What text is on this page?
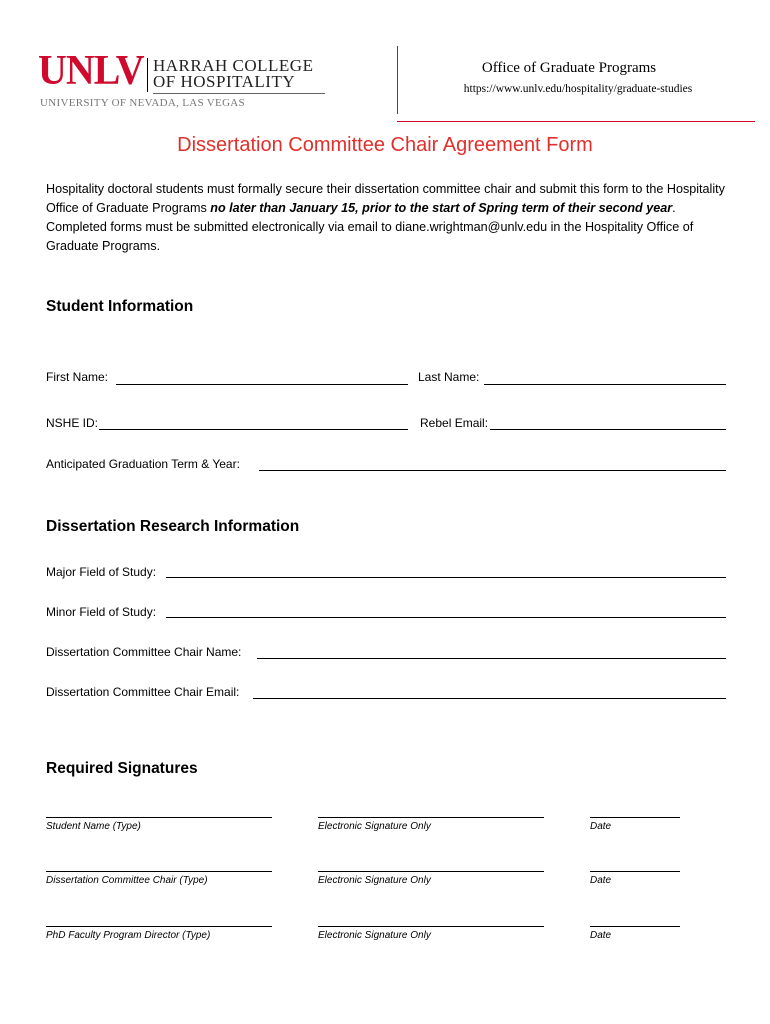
UNLV HARRAH COLLEGE
OF HOSPITALITY
UNIVERSITY OF NEVADA, LAS VEGAS
Office of Graduate Programs
https://www.unlv.edu/hospitality/graduate-studies
Dissertation Committee Chair Agreement Form
Hospitality doctoral students must formally secure their dissertation committee chair and submit this form to the Hospitality Office of Graduate Programs no later than January 15, prior to the start of Spring term of their second year. Completed forms must be submitted electronically via email to diane.wrightman@unlv.edu in the Hospitality Office of Graduate Programs.
Student Information
First Name:	Last Name:
NSHE ID:	Rebel Email:
Anticipated Graduation Term & Year:
Dissertation Research Information
Major Field of Study:
Minor Field of Study:
Dissertation Committee Chair Name:
Dissertation Committee Chair Email:
Required Signatures
Student Name (Type)	Electronic Signature Only	Date
Dissertation Committee Chair (Type)	Electronic Signature Only	Date
PhD Faculty Program Director (Type)	Electronic Signature Only	Date
